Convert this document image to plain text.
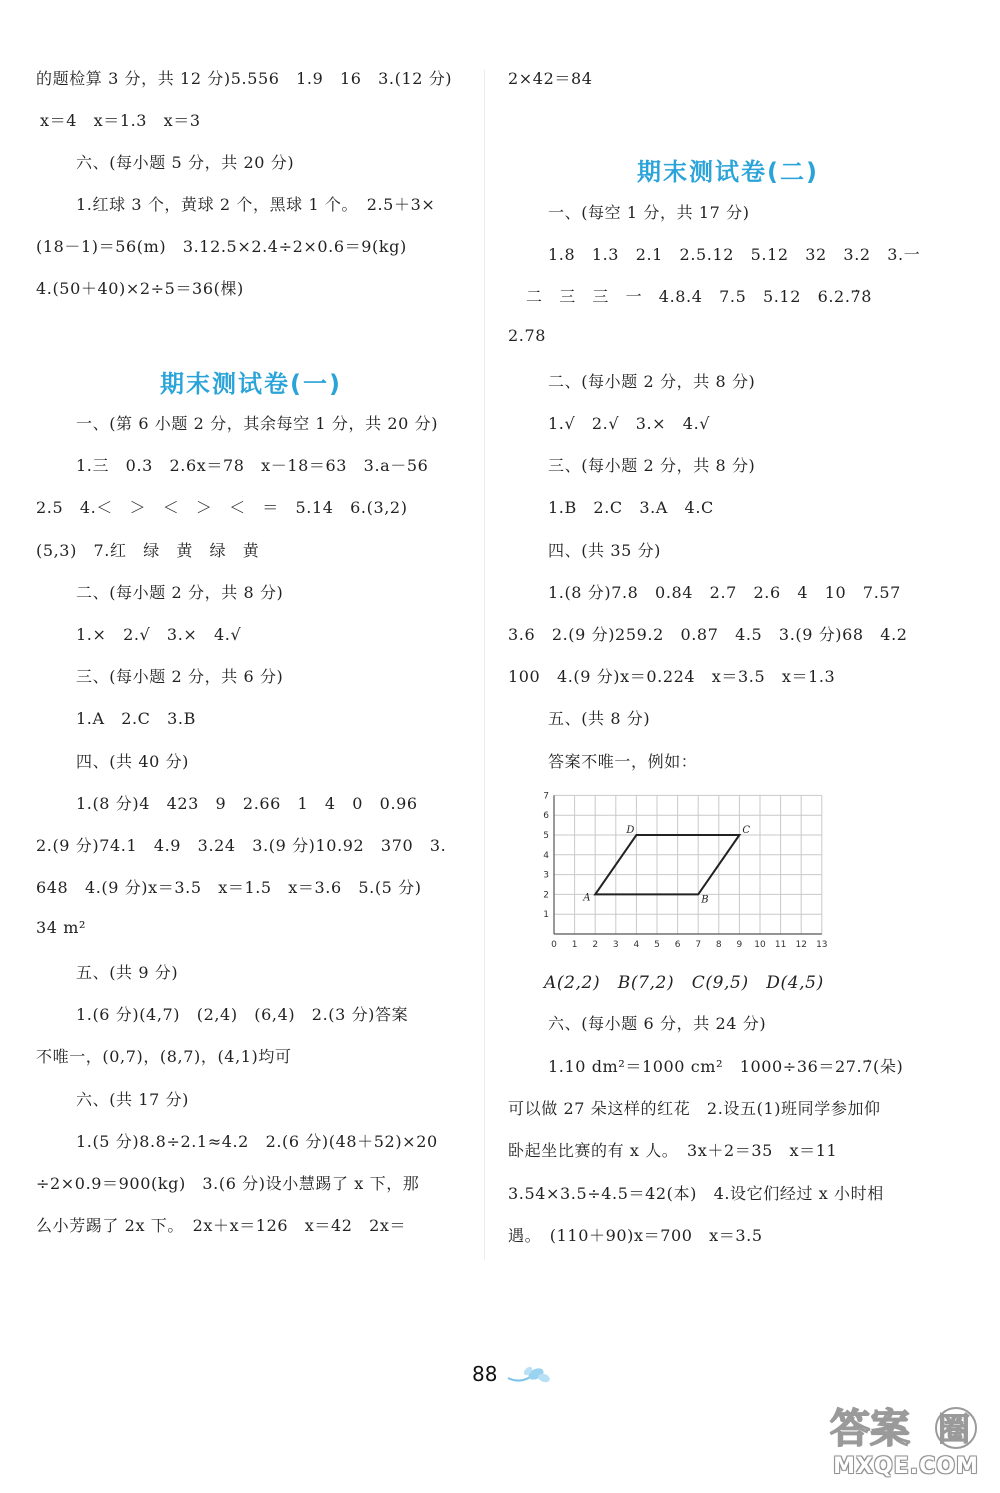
的题检算 3 分，共 12 分)5.556　1.9　16　3.(12 分)
x＝4　x＝1.3　x＝3
六、(每小题 5 分，共 20 分)
1.红球 3 个，黄球 2 个，黑球 1 个。　2.5＋3×
(18－1)＝56(m)　3.12.5×2.4÷2×0.6＝9(kg)
4.(50＋40)×2÷5＝36(棵)
期末测试卷(一)
一、(第 6 小题 2 分，其余每空 1 分，共 20 分)
1.三　0.3　2.6x＝78　x－18＝63　3.a－56
2.5　4.＜　＞　＜　＞　＜　＝　5.14　6.(3,2)
(5,3)　7.红　绿　黄　绿　黄
二、(每小题 2 分，共 8 分)
1.×　2.√　3.×　4.√
三、(每小题 2 分，共 6 分)
1.A　2.C　3.B
四、(共 40 分)
1.(8 分)4　423　9　2.66　1　4　0　0.96
2.(9 分)74.1　4.9　3.24　3.(9 分)10.92　370　3.
648　4.(9 分)x＝3.5　x＝1.5　x＝3.6　5.(5 分)
34 m²
五、(共 9 分)
1.(6 分)(4,7)　(2,4)　(6,4)　2.(3 分)答案
不唯一，(0,7)，(8,7)，(4,1)均可
六、(共 17 分)
1.(5 分)8.8÷2.1≈4.2　2.(6 分)(48＋52)×20
÷2×0.9＝900(kg)　3.(6 分)设小慧踢了 x 下，那
么小芳踢了 2x 下。　2x＋x＝126　x＝42　2x＝
2×42＝84
期末测试卷(二)
一、(每空 1 分，共 17 分)
1.8　1.3　2.1　2.5.12　5.12　32　3.2　3.一
二　三　三　一　4.8.4　7.5　5.12　6.2.7̇8̇
2.78
二、(每小题 2 分，共 8 分)
1.√　2.√　3.×　4.√
三、(每小题 2 分，共 8 分)
1.B　2.C　3.A　4.C
四、(共 35 分)
1.(8 分)7.8　0.84　2.7　2.6　4　10　7.57
3.6　2.(9 分)259.2　0.87　4.5　3.(9 分)68　4.2
100　4.(9 分)x＝0.224　x＝3.5　x＝1.3
五、(共 8 分)
答案不唯一，例如：
0 1 2 3 4 5 6 7 8 9 10 11 12 13
1
2
3
4
5
6
7
A	B
C
D
A(2,2)　B(7,2)　C(9,5)　D(4,5)
六、(每小题 6 分，共 24 分)
1.10 dm²＝1000 cm²　1000÷36＝27.7̇(朵)
可以做 27 朵这样的红花　2.设五(1)班同学参加仰
卧起坐比赛的有 x 人。　3x＋2＝35　x＝11
3.54×3.5÷4.5＝42(本)　4.设它们经过 x 小时相
遇。　(110＋90)x＝700　x＝3.5
88
答案 圈
MXQE.COM
